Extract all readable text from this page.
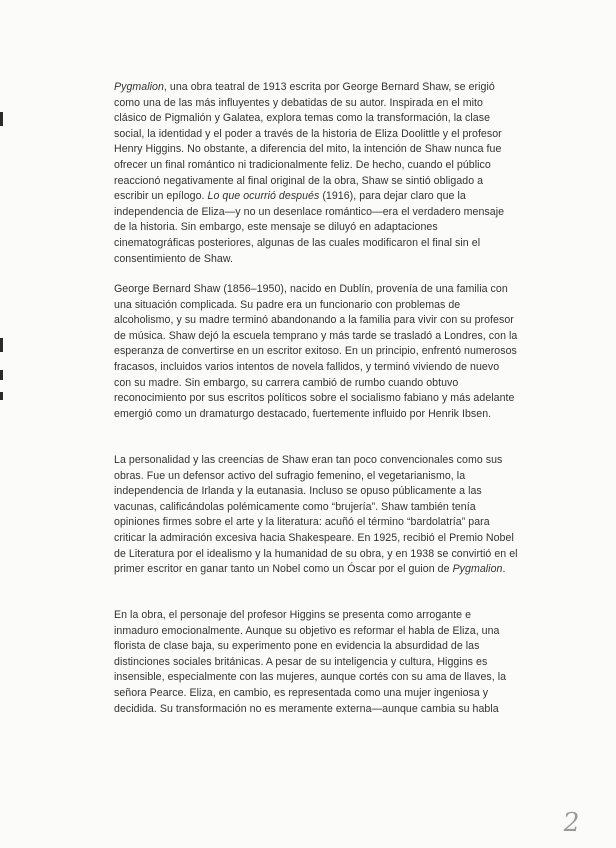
Pygmalion, una obra teatral de 1913 escrita por George Bernard Shaw, se erigió como una de las más influyentes y debatidas de su autor. Inspirada en el mito clásico de Pigmalión y Galatea, explora temas como la transformación, la clase social, la identidad y el poder a través de la historia de Eliza Doolittle y el profesor Henry Higgins. No obstante, a diferencia del mito, la intención de Shaw nunca fue ofrecer un final romántico ni tradicionalmente feliz. De hecho, cuando el público reaccionó negativamente al final original de la obra, Shaw se sintió obligado a escribir un epílogo. Lo que ocurrió después (1916), para dejar claro que la independencia de Eliza—y no un desenlace romántico—era el verdadero mensaje de la historia. Sin embargo, este mensaje se diluyó en adaptaciones cinematográficas posteriores, algunas de las cuales modificaron el final sin el consentimiento de Shaw.

George Bernard Shaw (1856–1950), nacido en Dublín, provenía de una familia con una situación complicada. Su padre era un funcionario con problemas de alcoholismo, y su madre terminó abandonando a la familia para vivir con su profesor de música. Shaw dejó la escuela temprano y más tarde se trasladó a Londres, con la esperanza de convertirse en un escritor exitoso. En un principio, enfrentó numerosos fracasos, incluidos varios intentos de novela fallidos, y terminó viviendo de nuevo con su madre. Sin embargo, su carrera cambió de rumbo cuando obtuvo reconocimiento por sus escritos políticos sobre el socialismo fabiano y más adelante emergió como un dramaturgo destacado, fuertemente influido por Henrik Ibsen.

La personalidad y las creencias de Shaw eran tan poco convencionales como sus obras. Fue un defensor activo del sufragio femenino, el vegetarianismo, la independencia de Irlanda y la eutanasia. Incluso se opuso públicamente a las vacunas, calificándolas polémicamente como “brujería”. Shaw también tenía opiniones firmes sobre el arte y la literatura: acuñó el término “bardolatría” para criticar la admiración excesiva hacia Shakespeare. En 1925, recibió el Premio Nobel de Literatura por el idealismo y la humanidad de su obra, y en 1938 se convirtió en el primer escritor en ganar tanto un Nobel como un Óscar por el guion de Pygmalion.

En la obra, el personaje del profesor Higgins se presenta como arrogante e inmaduro emocionalmente. Aunque su objetivo es reformar el habla de Eliza, una florista de clase baja, su experimento pone en evidencia la absurdidad de las distinciones sociales británicas. A pesar de su inteligencia y cultura, Higgins es insensible, especialmente con las mujeres, aunque cortés con su ama de llaves, la señora Pearce. Eliza, en cambio, es representada como una mujer ingeniosa y decidida. Su transformación no es meramente externa—aunque cambia su habla

2
